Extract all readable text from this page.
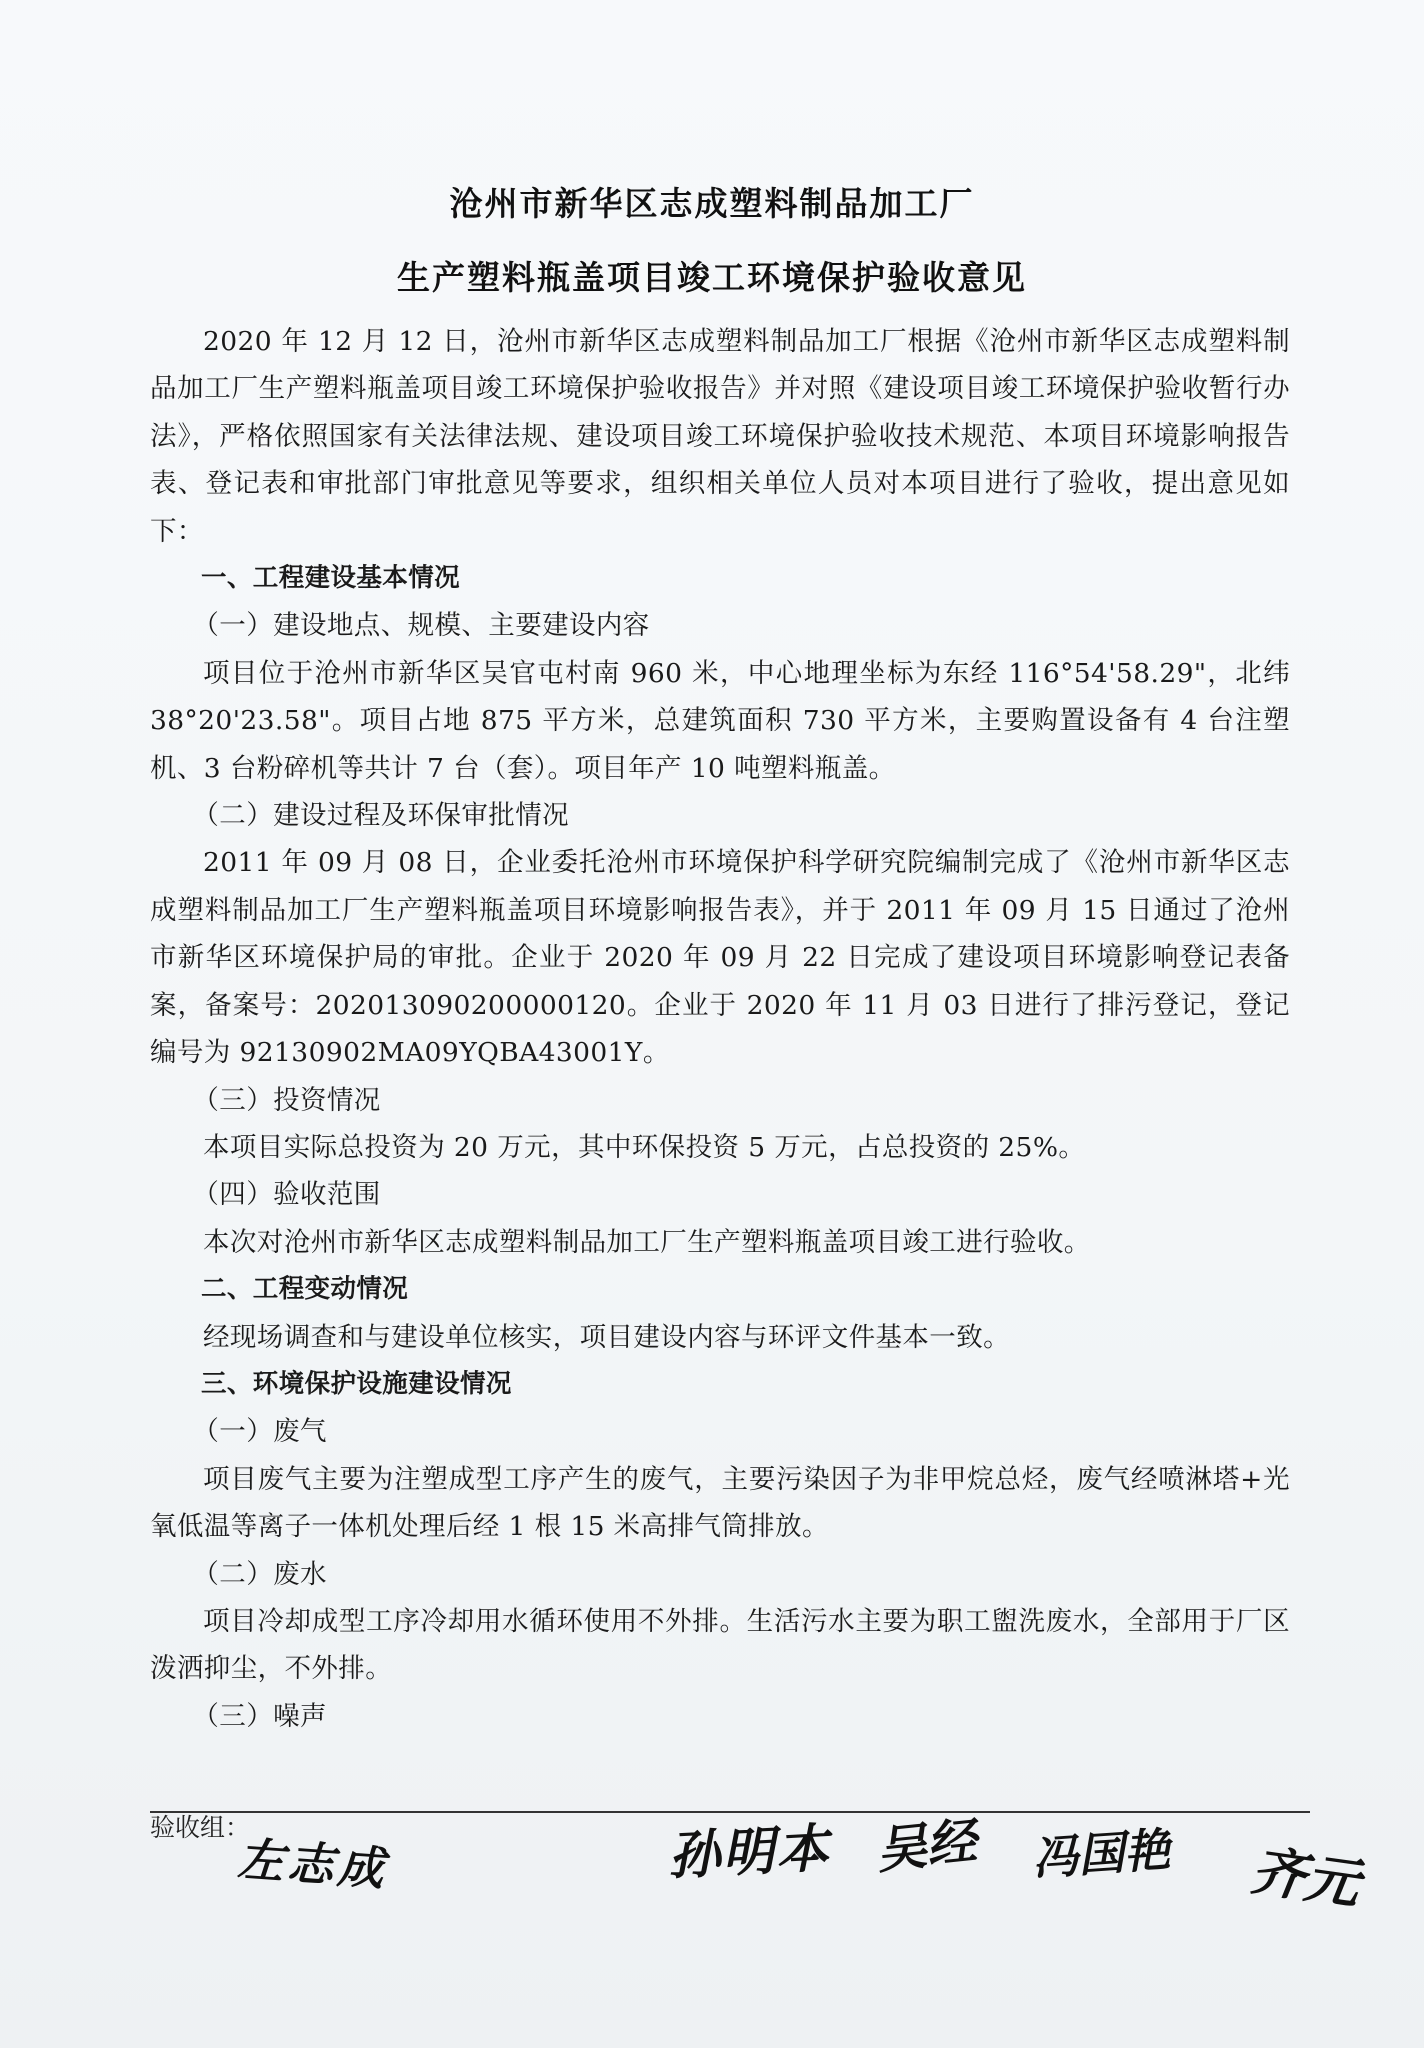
沧州市新华区志成塑料制品加工厂
生产塑料瓶盖项目竣工环境保护验收意见

2020 年 12 月 12 日，沧州市新华区志成塑料制品加工厂根据《沧州市新华区志成塑料制品加工厂生产塑料瓶盖项目竣工环境保护验收报告》并对照《建设项目竣工环境保护验收暂行办法》，严格依照国家有关法律法规、建设项目竣工环境保护验收技术规范、本项目环境影响报告表、登记表和审批部门审批意见等要求，组织相关单位人员对本项目进行了验收，提出意见如下：

一、工程建设基本情况

（一）建设地点、规模、主要建设内容

项目位于沧州市新华区吴官屯村南 960 米，中心地理坐标为东经 116°54'58.29"，北纬38°20'23.58"。项目占地 875 平方米，总建筑面积 730 平方米，主要购置设备有 4 台注塑机、3 台粉碎机等共计 7 台（套）。项目年产 10 吨塑料瓶盖。

（二）建设过程及环保审批情况

2011 年 09 月 08 日，企业委托沧州市环境保护科学研究院编制完成了《沧州市新华区志成塑料制品加工厂生产塑料瓶盖项目环境影响报告表》，并于 2011 年 09 月 15 日通过了沧州市新华区环境保护局的审批。企业于 2020 年 09 月 22 日完成了建设项目环境影响登记表备案，备案号：202013090200000120。企业于 2020 年 11 月 03 日进行了排污登记，登记编号为 92130902MA09YQBA43001Y。

（三）投资情况

本项目实际总投资为 20 万元，其中环保投资 5 万元，占总投资的 25%。

（四）验收范围

本次对沧州市新华区志成塑料制品加工厂生产塑料瓶盖项目竣工进行验收。

二、工程变动情况

经现场调查和与建设单位核实，项目建设内容与环评文件基本一致。

三、环境保护设施建设情况

（一）废气

项目废气主要为注塑成型工序产生的废气，主要污染因子为非甲烷总烃，废气经喷淋塔+光氧低温等离子一体机处理后经 1 根 15 米高排气筒排放。

（二）废水

项目冷却成型工序冷却用水循环使用不外排。生活污水主要为职工盥洗废水，全部用于厂区泼洒抑尘，不外排。

（三）噪声

验收组：
左志成	孙明本 吴经 冯国艳 齐元
